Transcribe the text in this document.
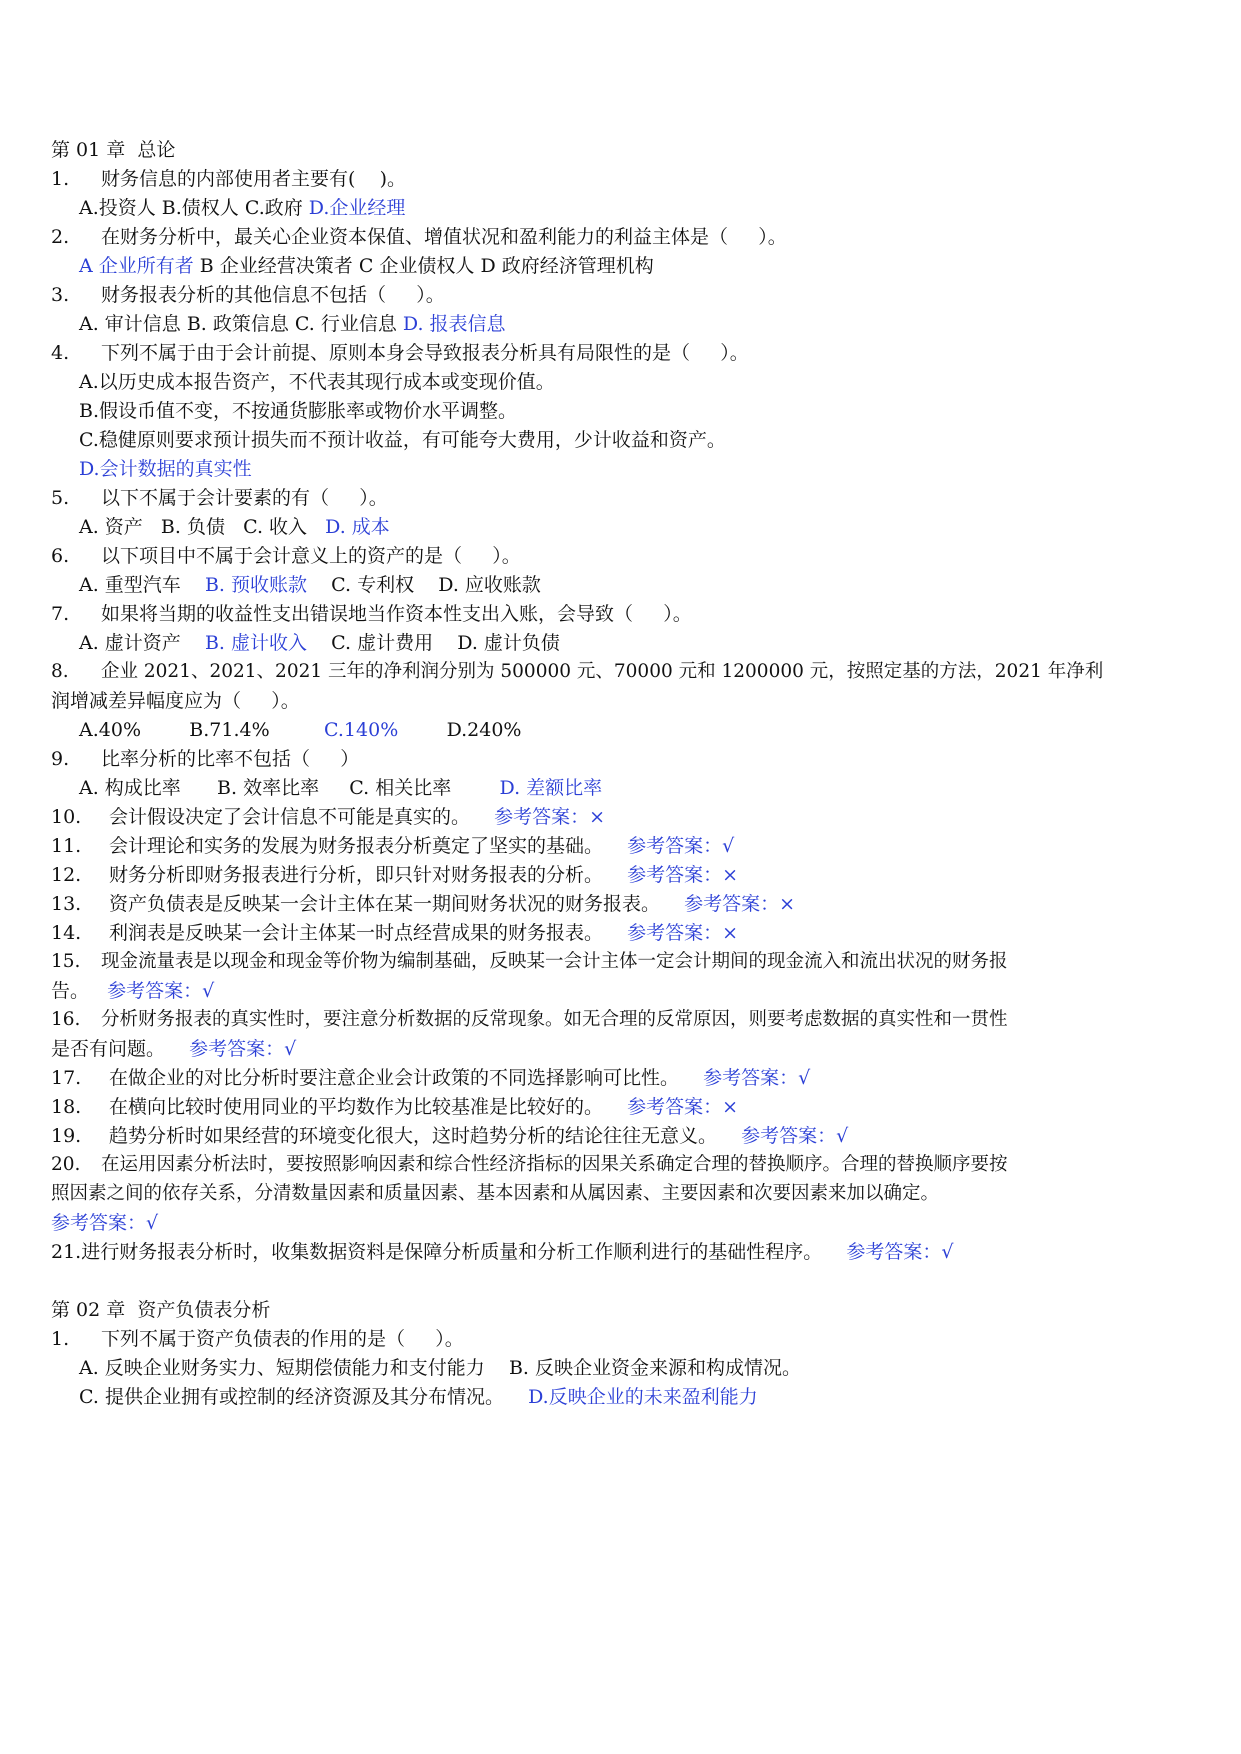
第 01 章  总论
1. 财务信息的内部使用者主要有(    )。
A.投资人 B.债权人 C.政府 D.企业经理
2. 在财务分析中，最关心企业资本保值、增值状况和盈利能力的利益主体是（     ）。
A 企业所有者 B 企业经营决策者 C 企业债权人 D 政府经济管理机构
3. 财务报表分析的其他信息不包括（     ）。
A. 审计信息 B. 政策信息 C. 行业信息 D. 报表信息
4. 下列不属于由于会计前提、原则本身会导致报表分析具有局限性的是（     ）。
A.以历史成本报告资产，不代表其现行成本或变现价值。
B.假设币值不变，不按通货膨胀率或物价水平调整。
C.稳健原则要求预计损失而不预计收益，有可能夸大费用，少计收益和资产。
D.会计数据的真实性
5. 以下不属于会计要素的有（     ）。
A. 资产   B. 负债   C. 收入   D. 成本
6. 以下项目中不属于会计意义上的资产的是（     ）。
A. 重型汽车    B. 预收账款    C. 专利权    D. 应收账款
7. 如果将当期的收益性支出错误地当作资本性支出入账，会导致（     ）。
A. 虚计资产    B. 虚计收入    C. 虚计费用    D. 虚计负债
8. 企业 2021、2021、2021 三年的净利润分别为 500000 元、70000 元和 1200000 元，按照定基的方法，2021 年净利
润增减差异幅度应为（     ）。
A.40%        B.71.4%         C.140%        D.240%
9. 比率分析的比率不包括（     ）
A. 构成比率      B. 效率比率     C. 相关比率        D. 差额比率
10. 会计假设决定了会计信息不可能是真实的。    参考答案：×
11. 会计理论和实务的发展为财务报表分析奠定了坚实的基础。    参考答案：√
12. 财务分析即财务报表进行分析，即只针对财务报表的分析。    参考答案：×
13. 资产负债表是反映某一会计主体在某一期间财务状况的财务报表。    参考答案：×
14. 利润表是反映某一会计主体某一时点经营成果的财务报表。    参考答案：×
15. 现金流量表是以现金和现金等价物为编制基础，反映某一会计主体一定会计期间的现金流入和流出状况的财务报
告。   参考答案：√
16. 分析财务报表的真实性时，要注意分析数据的反常现象。如无合理的反常原因，则要考虑数据的真实性和一贯性
是否有问题。    参考答案：√
17. 在做企业的对比分析时要注意企业会计政策的不同选择影响可比性。    参考答案：√
18. 在横向比较时使用同业的平均数作为比较基准是比较好的。    参考答案：×
19. 趋势分析时如果经营的环境变化很大，这时趋势分析的结论往往无意义。    参考答案：√
20. 在运用因素分析法时，要按照影响因素和综合性经济指标的因果关系确定合理的替换顺序。合理的替换顺序要按
照因素之间的依存关系，分清数量因素和质量因素、基本因素和从属因素、主要因素和次要因素来加以确定。
参考答案：√
21.进行财务报表分析时，收集数据资料是保障分析质量和分析工作顺利进行的基础性程序。    参考答案：√
第 02 章  资产负债表分析
1. 下列不属于资产负债表的作用的是（     ）。
A. 反映企业财务实力、短期偿债能力和支付能力    B. 反映企业资金来源和构成情况。
C. 提供企业拥有或控制的经济资源及其分布情况。    D.反映企业的未来盈利能力
